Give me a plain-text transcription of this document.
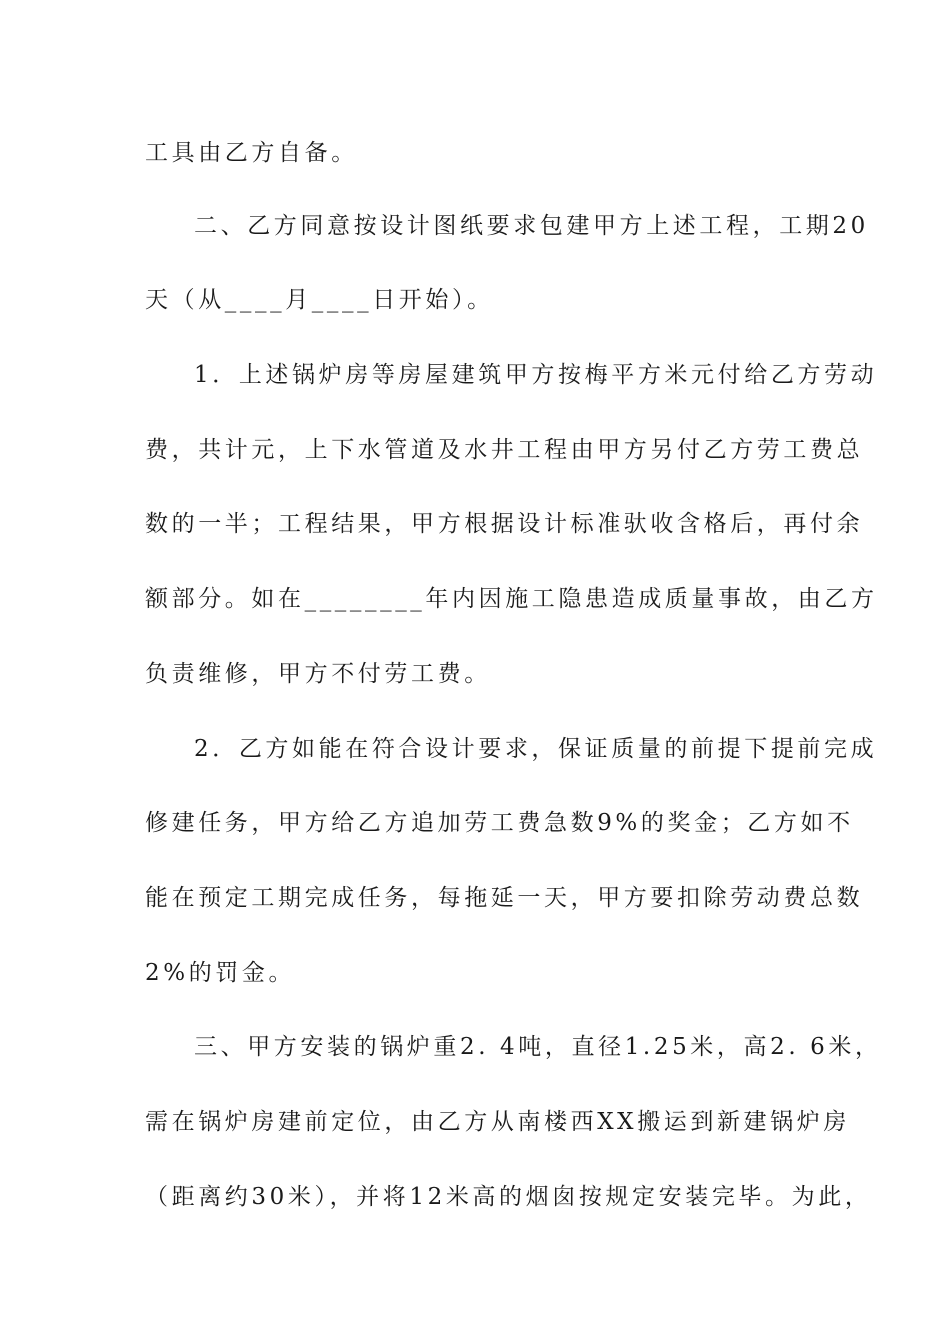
工具由乙方自备。
二、乙方同意按设计图纸要求包建甲方上述工程，工期20
天（从____月____日开始）。
1．上述锅炉房等房屋建筑甲方按梅平方米元付给乙方劳动
费，共计元，上下水管道及水井工程由甲方另付乙方劳工费总
数的一半；工程结果，甲方根据设计标准驮收含格后，再付余
额部分。如在________年内因施工隐患造成质量事故，由乙方
负责维修，甲方不付劳工费。
2．乙方如能在符合设计要求，保证质量的前提下提前完成
修建任务，甲方给乙方追加劳工费急数9%的奖金；乙方如不
能在预定工期完成任务，每拖延一天，甲方要扣除劳动费总数
2%的罚金。
三、甲方安装的锅炉重2. 4吨，直径1.25米，高2. 6米，
需在锅炉房建前定位，由乙方从南楼西XX搬运到新建锅炉房
（距离约30米），并将12米高的烟囱按规定安装完毕。为此，
